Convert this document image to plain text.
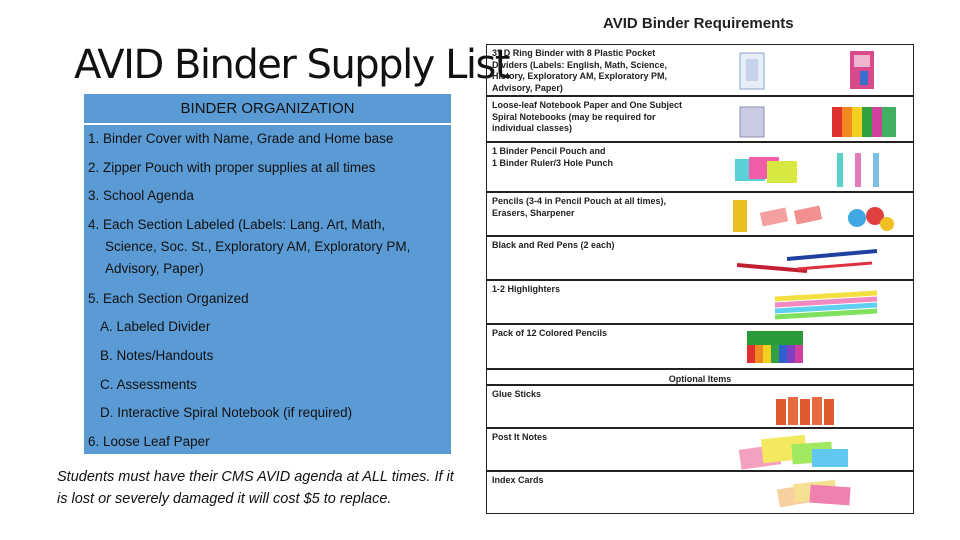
AVID Binder Supply List
BINDER ORGANIZATION
1. Binder Cover with Name, Grade and Home base
2. Zipper Pouch with proper supplies at all times
3. School Agenda
4. Each Section Labeled (Labels: Lang. Art, Math,
Science, Soc. St., Exploratory AM, Exploratory PM,
Advisory, Paper)
5. Each Section Organized
A. Labeled Divider
B. Notes/Handouts
C. Assessments
D. Interactive Spiral Notebook (if required)
6. Loose Leaf Paper
Students must have their CMS AVID agenda at ALL times. If it is lost or severely damaged it will cost $5 to replace.
AVID Binder Requirements
3" D Ring Binder with 8 Plastic Pocket Dividers (Labels: English, Math, Science, History, Exploratory AM, Exploratory PM, Advisory, Paper)
Loose-leaf Notebook Paper and One Subject Spiral Notebooks (may be required for individual classes)
1 Binder Pencil Pouch and
1 Binder Ruler/3 Hole Punch
Pencils (3-4 in Pencil Pouch at all times), Erasers, Sharpener
Black and Red Pens (2 each)
1-2 Highlighters
Pack of 12 Colored Pencils
Optional Items
Glue Sticks
Post It Notes
Index Cards
